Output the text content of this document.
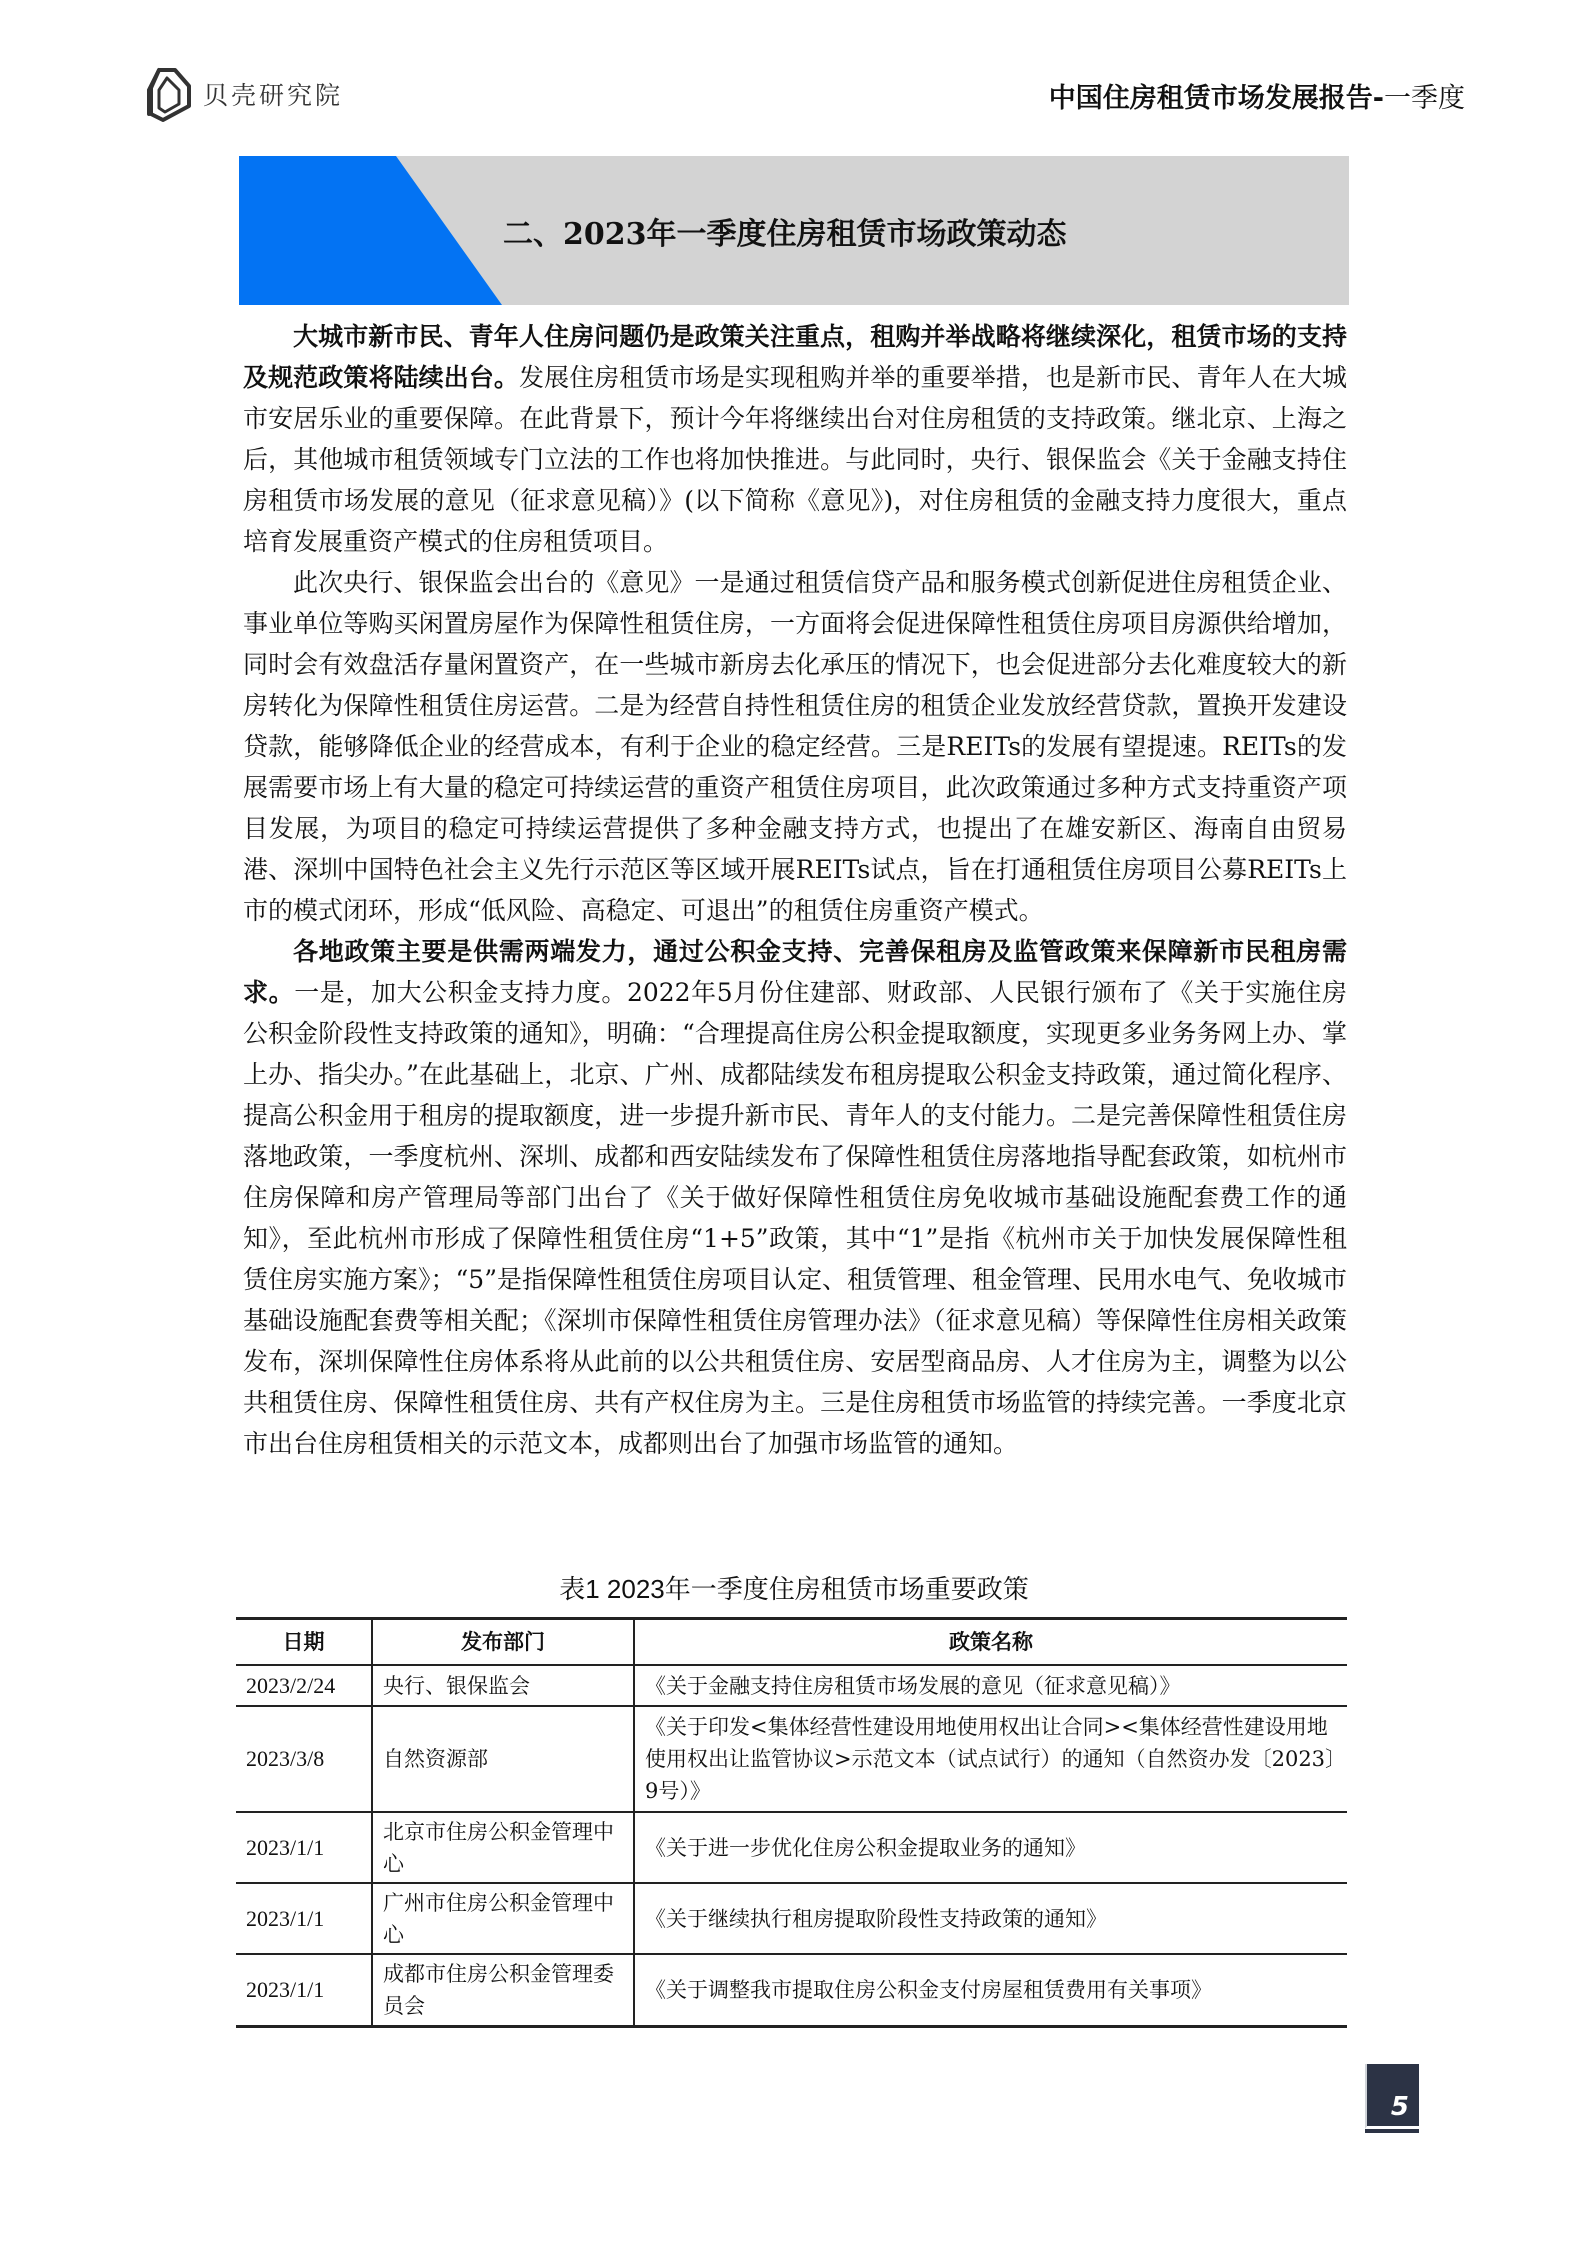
贝壳研究院	中国住房租赁市场发展报告-一季度
二、2023年一季度住房租赁市场政策动态

大城市新市民、青年人住房问题仍是政策关注重点，租购并举战略将继续深化，租赁市场的支持及规范政策将陆续出台。发展住房租赁市场是实现租购并举的重要举措，也是新市民、青年人在大城市安居乐业的重要保障。在此背景下，预计今年将继续出台对住房租赁的支持政策。继北京、上海之后，其他城市租赁领域专门立法的工作也将加快推进。与此同时，央行、银保监会《关于金融支持住房租赁市场发展的意见（征求意见稿）》(以下简称《意见》)，对住房租赁的金融支持力度很大，重点培育发展重资产模式的住房租赁项目。

此次央行、银保监会出台的《意见》一是通过租赁信贷产品和服务模式创新促进住房租赁企业、事业单位等购买闲置房屋作为保障性租赁住房，一方面将会促进保障性租赁住房项目房源供给增加，同时会有效盘活存量闲置资产，在一些城市新房去化承压的情况下，也会促进部分去化难度较大的新房转化为保障性租赁住房运营。二是为经营自持性租赁住房的租赁企业发放经营贷款，置换开发建设贷款，能够降低企业的经营成本，有利于企业的稳定经营。三是REITs的发展有望提速。REITs的发展需要市场上有大量的稳定可持续运营的重资产租赁住房项目，此次政策通过多种方式支持重资产项目发展，为项目的稳定可持续运营提供了多种金融支持方式，也提出了在雄安新区、海南自由贸易港、深圳中国特色社会主义先行示范区等区域开展REITs试点，旨在打通租赁住房项目公募REITs上市的模式闭环，形成“低风险、高稳定、可退出”的租赁住房重资产模式。

各地政策主要是供需两端发力，通过公积金支持、完善保租房及监管政策来保障新市民租房需求。一是，加大公积金支持力度。2022年5月份住建部、财政部、人民银行颁布了《关于实施住房公积金阶段性支持政策的通知》，明确：“合理提高住房公积金提取额度，实现更多业务务网上办、掌上办、指尖办。”在此基础上，北京、广州、成都陆续发布租房提取公积金支持政策，通过简化程序、提高公积金用于租房的提取额度，进一步提升新市民、青年人的支付能力。二是完善保障性租赁住房落地政策，一季度杭州、深圳、成都和西安陆续发布了保障性租赁住房落地指导配套政策，如杭州市住房保障和房产管理局等部门出台了《关于做好保障性租赁住房免收城市基础设施配套费工作的通知》，至此杭州市形成了保障性租赁住房“1+5”政策，其中“1”是指《杭州市关于加快发展保障性租赁住房实施方案》；“5”是指保障性租赁住房项目认定、租赁管理、租金管理、民用水电气、免收城市基础设施配套费等相关配；《深圳市保障性租赁住房管理办法》（征求意见稿）等保障性住房相关政策发布，深圳保障性住房体系将从此前的以公共租赁住房、安居型商品房、人才住房为主，调整为以公共租赁住房、保障性租赁住房、共有产权住房为主。三是住房租赁市场监管的持续完善。一季度北京市出台住房租赁相关的示范文本，成都则出台了加强市场监管的通知。

表1 2023年一季度住房租赁市场重要政策
日期	发布部门	政策名称
2023/2/24	央行、银保监会	《关于金融支持住房租赁市场发展的意见（征求意见稿）》
2023/3/8	自然资源部	《关于印发<集体经营性建设用地使用权出让合同><集体经营性建设用地使用权出让监管协议>示范文本（试点试行）的通知（自然资办发〔2023〕9号）》
2023/1/1	北京市住房公积金管理中心	《关于进一步优化住房公积金提取业务的通知》
2023/1/1	广州市住房公积金管理中心	《关于继续执行租房提取阶段性支持政策的通知》
2023/1/1	成都市住房公积金管理委员会	《关于调整我市提取住房公积金支付房屋租赁费用有关事项》
5
